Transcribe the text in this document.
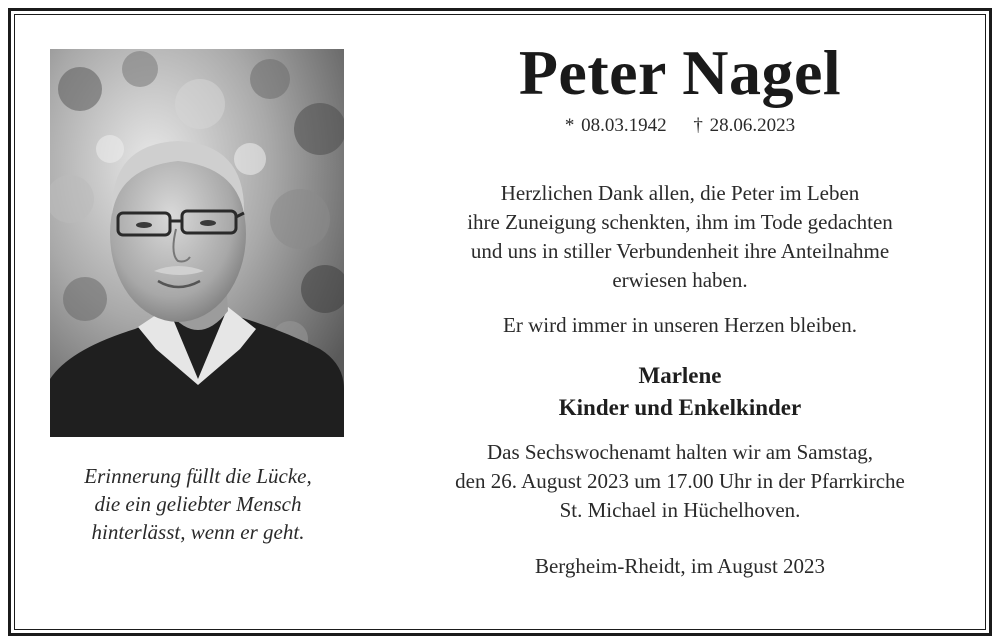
Erinnerung füllt die Lücke,
die ein geliebter Mensch
hinterlässt, wenn er geht.
Peter Nagel
* 08.03.1942 † 28.06.2023
Herzlichen Dank allen, die Peter im Leben
ihre Zuneigung schenkten, ihm im Tode gedachten
und uns in stiller Verbundenheit ihre Anteilnahme
erwiesen haben.
Er wird immer in unseren Herzen bleiben.
Marlene
Kinder und Enkelkinder
Das Sechswochenamt halten wir am Samstag,
den 26. August 2023 um 17.00 Uhr in der Pfarrkirche
St. Michael in Hüchelhoven.
Bergheim-Rheidt, im August 2023
